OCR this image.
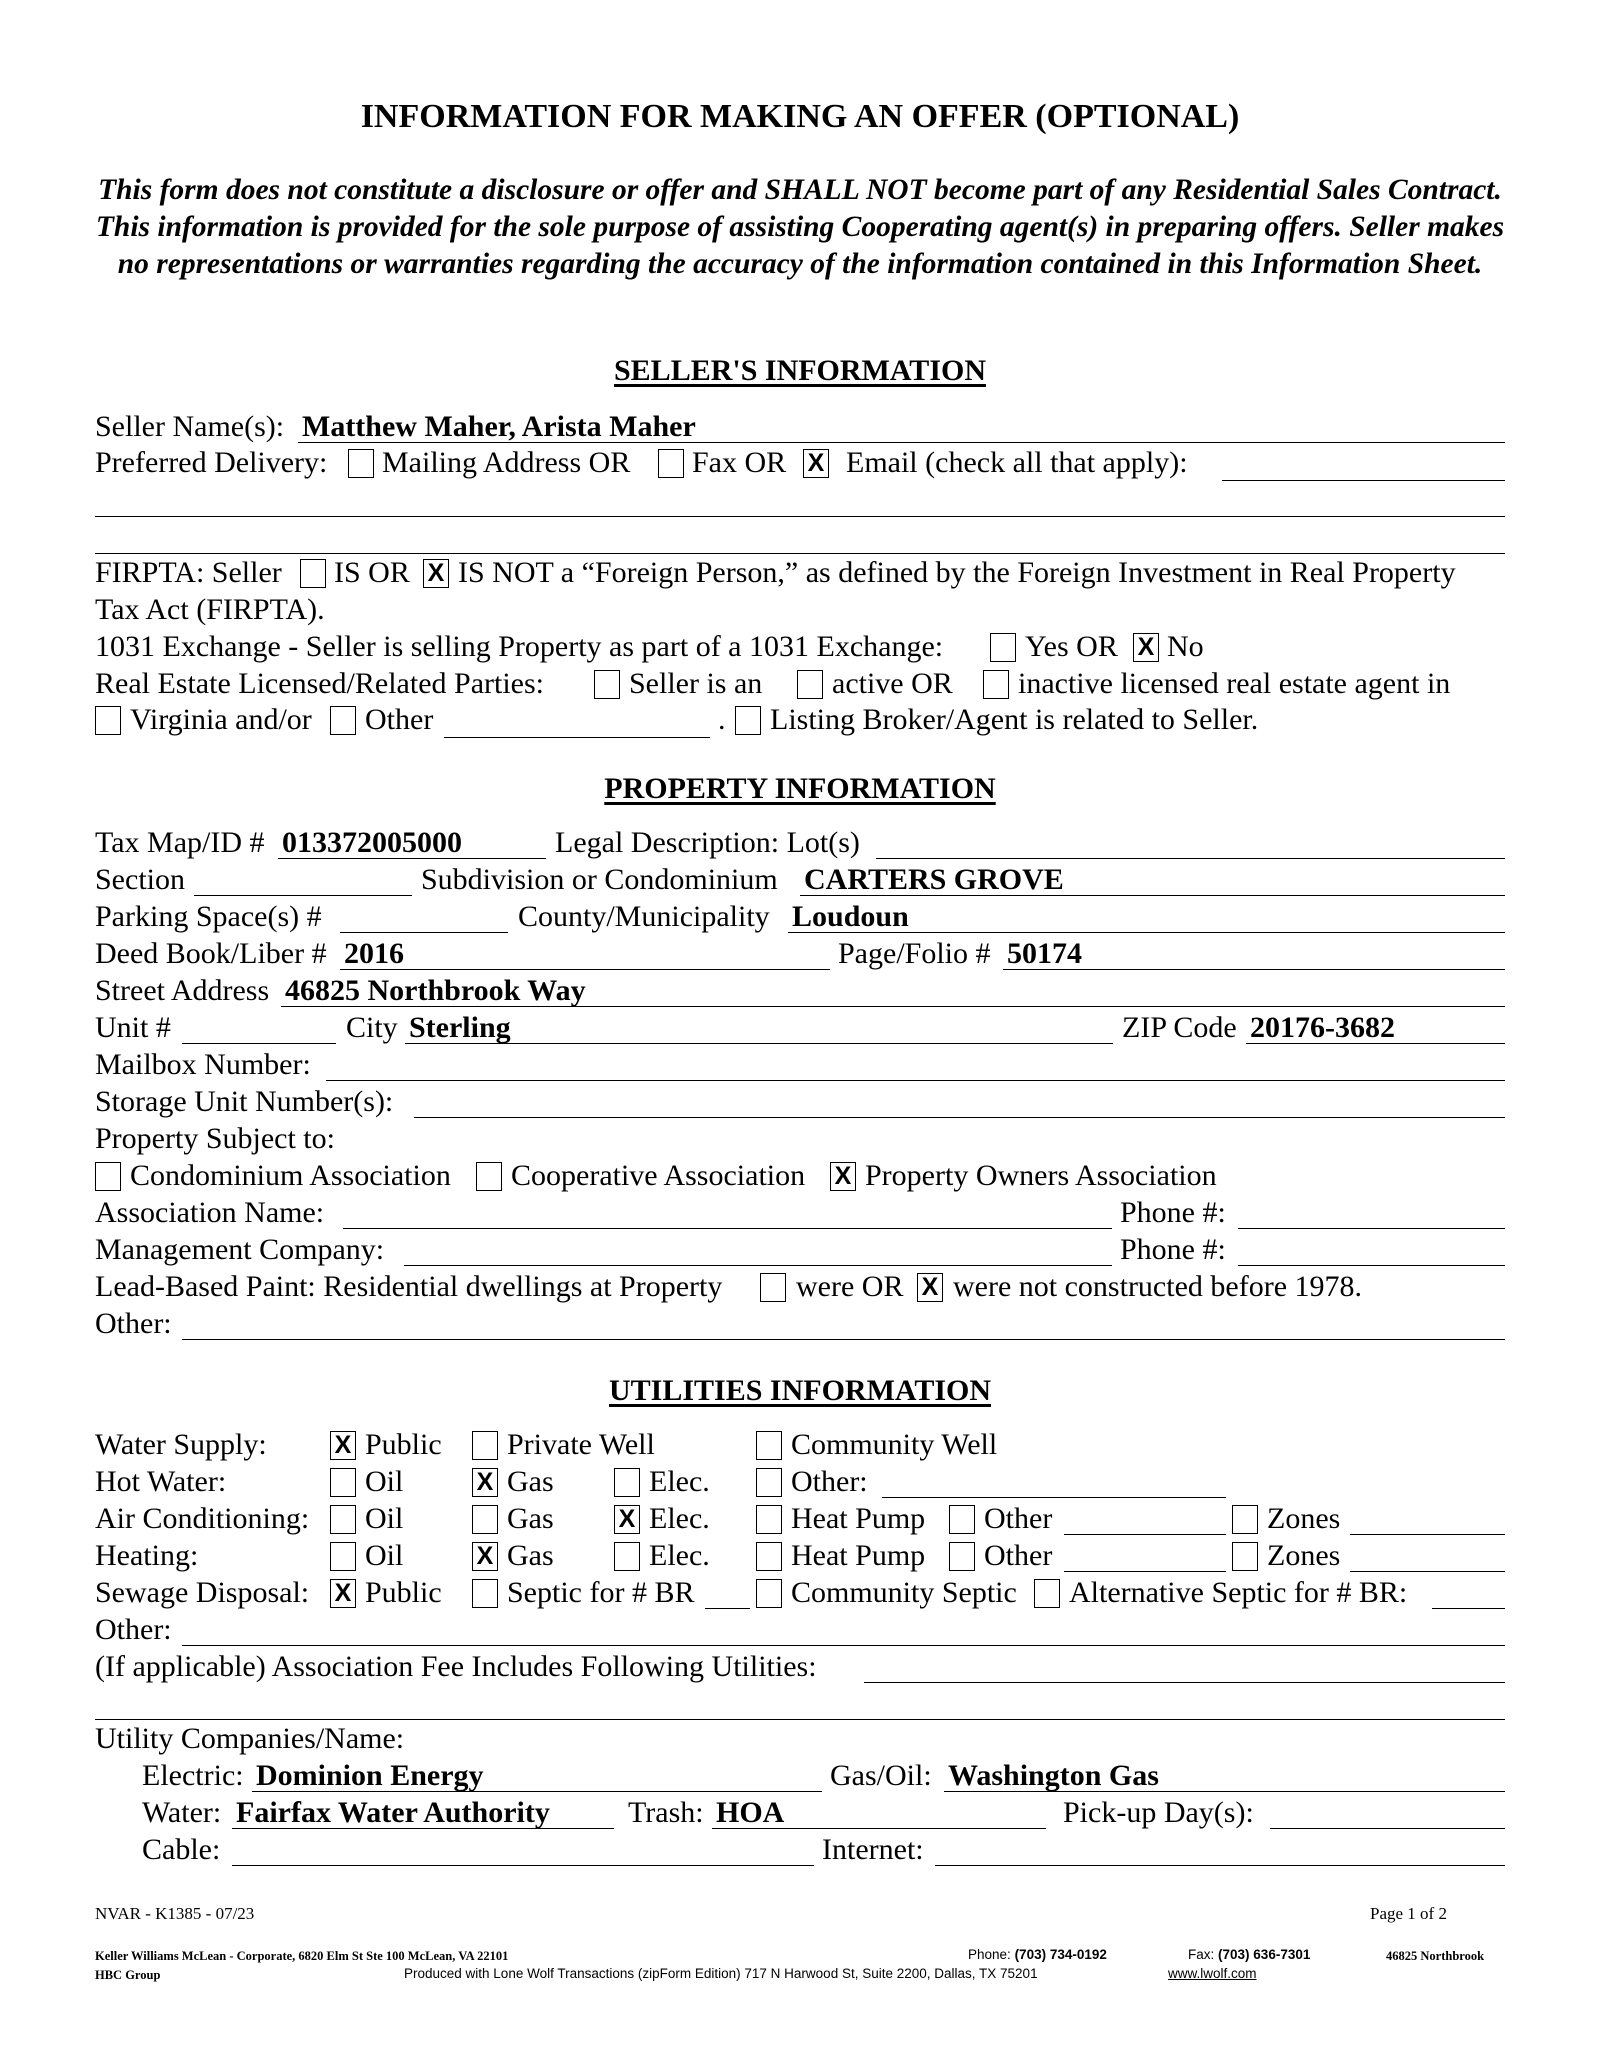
INFORMATION FOR MAKING AN OFFER (OPTIONAL)
This form does not constitute a disclosure or offer and SHALL NOT become part of any Residential Sales Contract. This information is provided for the sole purpose of assisting Cooperating agent(s) in preparing offers. Seller makes no representations or warranties regarding the accuracy of the information contained in this Information Sheet.
SELLER'S INFORMATION
Seller Name(s): Matthew Maher, Arista Maher
Preferred Delivery: Mailing Address OR Fax OR X Email (check all that apply):
FIRPTA: Seller IS OR X IS NOT a “Foreign Person,” as defined by the Foreign Investment in Real Property
Tax Act (FIRPTA).
1031 Exchange - Seller is selling Property as part of a 1031 Exchange:	Yes OR X No
Real Estate Licensed/Related Parties:	Seller is an active OR inactive licensed real estate agent in
Virginia and/or Other	. Listing Broker/Agent is related to Seller.
PROPERTY INFORMATION
Tax Map/ID # 013372005000	Legal Description: Lot(s)
Section	Subdivision or Condominium CARTERS GROVE
Parking Space(s) #	County/Municipality Loudoun
Deed Book/Liber # 2016	Page/Folio # 50174
Street Address 46825 Northbrook Way
Unit #	City Sterling	ZIP Code 20176-3682
Mailbox Number:
Storage Unit Number(s):
Property Subject to:
Condominium Association Cooperative Association X Property Owners Association
Association Name:	Phone #:
Management Company:	Phone #:
Lead-Based Paint: Residential dwellings at Property were OR X were not constructed before 1978.
Other:
UTILITIES INFORMATION
Water Supply:	X Public Private Well	Community Well
Hot Water:	Oil	X Gas	Elec.	Other:
Air Conditioning: Oil	Gas	X Elec.	Heat Pump Other	Zones
Heating:	Oil	X Gas	Elec.	Heat Pump Other	Zones
Sewage Disposal: X Public Septic for # BR	Community Septic Alternative Septic for # BR:
Other:
(If applicable) Association Fee Includes Following Utilities:
Utility Companies/Name:
Electric: Dominion Energy	Gas/Oil: Washington Gas
Water: Fairfax Water Authority	Trash: HOA	Pick-up Day(s):
Cable:	Internet:
NVAR - K1385 - 07/23	Page 1 of 2
Keller Williams McLean - Corporate, 6820 Elm St Ste 100 McLean, VA 22101	Phone: (703) 734-0192	Fax: (703) 636-7301	46825 Northbrook
HBC Group	Produced with Lone Wolf Transactions (zipForm Edition) 717 N Harwood St, Suite 2200, Dallas, TX 75201	www.lwolf.com
